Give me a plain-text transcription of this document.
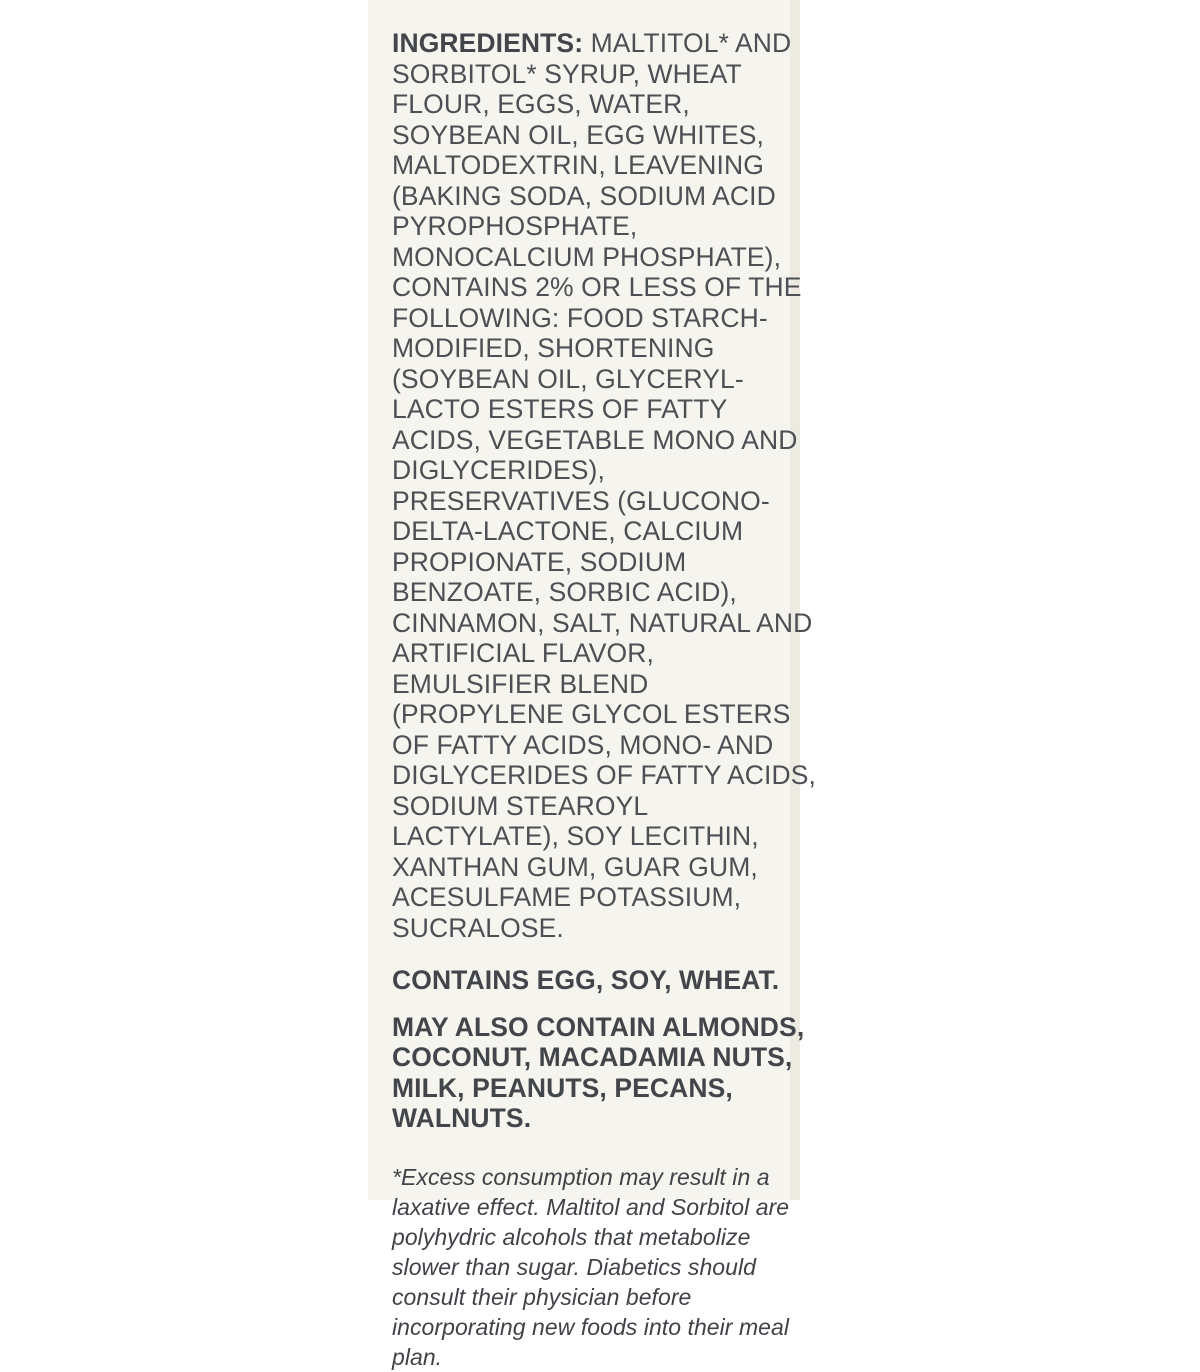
INGREDIENTS: MALTITOL* AND SORBITOL* SYRUP, WHEAT FLOUR, EGGS, WATER, SOYBEAN OIL, EGG WHITES, MALTODEXTRIN, LEAVENING (BAKING SODA, SODIUM ACID PYROPHOSPHATE, MONOCALCIUM PHOSPHATE), CONTAINS 2% OR LESS OF THE FOLLOWING: FOOD STARCH-MODIFIED, SHORTENING (SOYBEAN OIL, GLYCERYL-LACTO ESTERS OF FATTY ACIDS, VEGETABLE MONO AND DIGLYCERIDES), PRESERVATIVES (GLUCONO-DELTA-LACTONE, CALCIUM PROPIONATE, SODIUM BENZOATE, SORBIC ACID), CINNAMON, SALT, NATURAL AND ARTIFICIAL FLAVOR, EMULSIFIER BLEND (PROPYLENE GLYCOL ESTERS OF FATTY ACIDS, MONO- AND DIGLYCERIDES OF FATTY ACIDS, SODIUM STEAROYL LACTYLATE), SOY LECITHIN, XANTHAN GUM, GUAR GUM, ACESULFAME POTASSIUM, SUCRALOSE.

CONTAINS EGG, SOY, WHEAT.

MAY ALSO CONTAIN ALMONDS, COCONUT, MACADAMIA NUTS, MILK, PEANUTS, PECANS, WALNUTS.

*Excess consumption may result in a laxative effect. Maltitol and Sorbitol are polyhydric alcohols that metabolize slower than sugar. Diabetics should consult their physician before incorporating new foods into their meal plan.
